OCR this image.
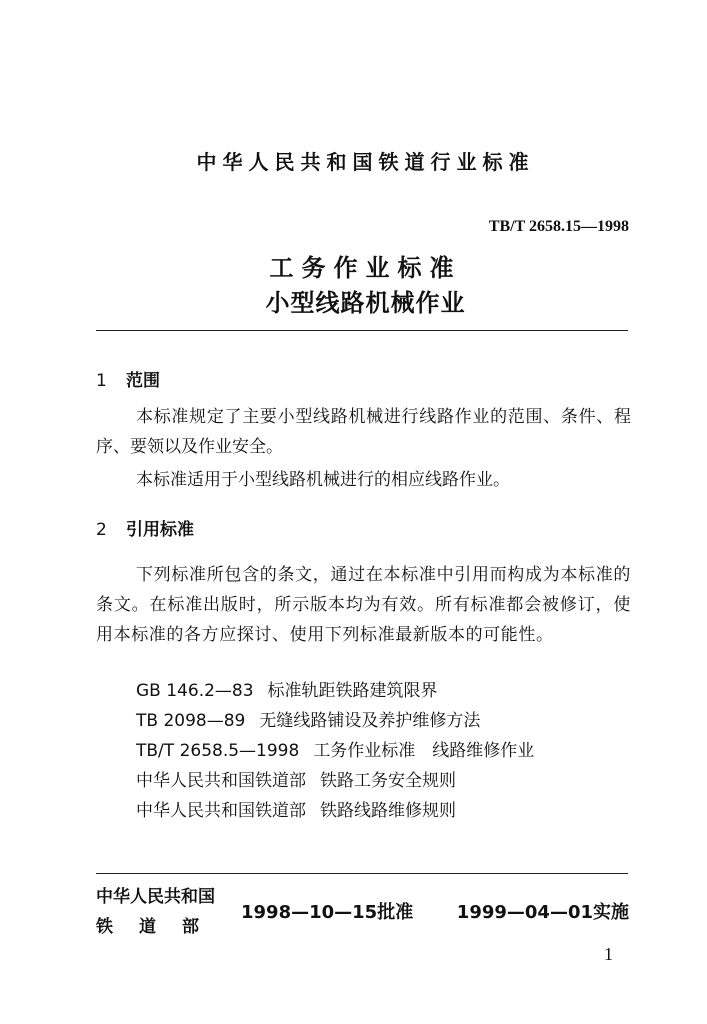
中华人民共和国铁道行业标准
TB/T 2658.15—1998
工务作业标准
小型线路机械作业
1 范围
本标准规定了主要小型线路机械进行线路作业的范围、条件、程序、要领以及作业安全。
本标准适用于小型线路机械进行的相应线路作业。
2 引用标准
下列标准所包含的条文，通过在本标准中引用而构成为本标准的条文。在标准出版时，所示版本均为有效。所有标准都会被修订，使用本标准的各方应探讨、使用下列标准最新版本的可能性。
GB 146.2—83 标准轨距铁路建筑限界
TB 2098—89 无缝线路铺设及养护维修方法
TB/T 2658.5—1998 工务作业标准　线路维修作业
中华人民共和国铁道部 铁路工务安全规则
中华人民共和国铁道部 铁路线路维修规则
中华人民共和国
铁道部
1998—10—15批准 1999—04—01实施
1
